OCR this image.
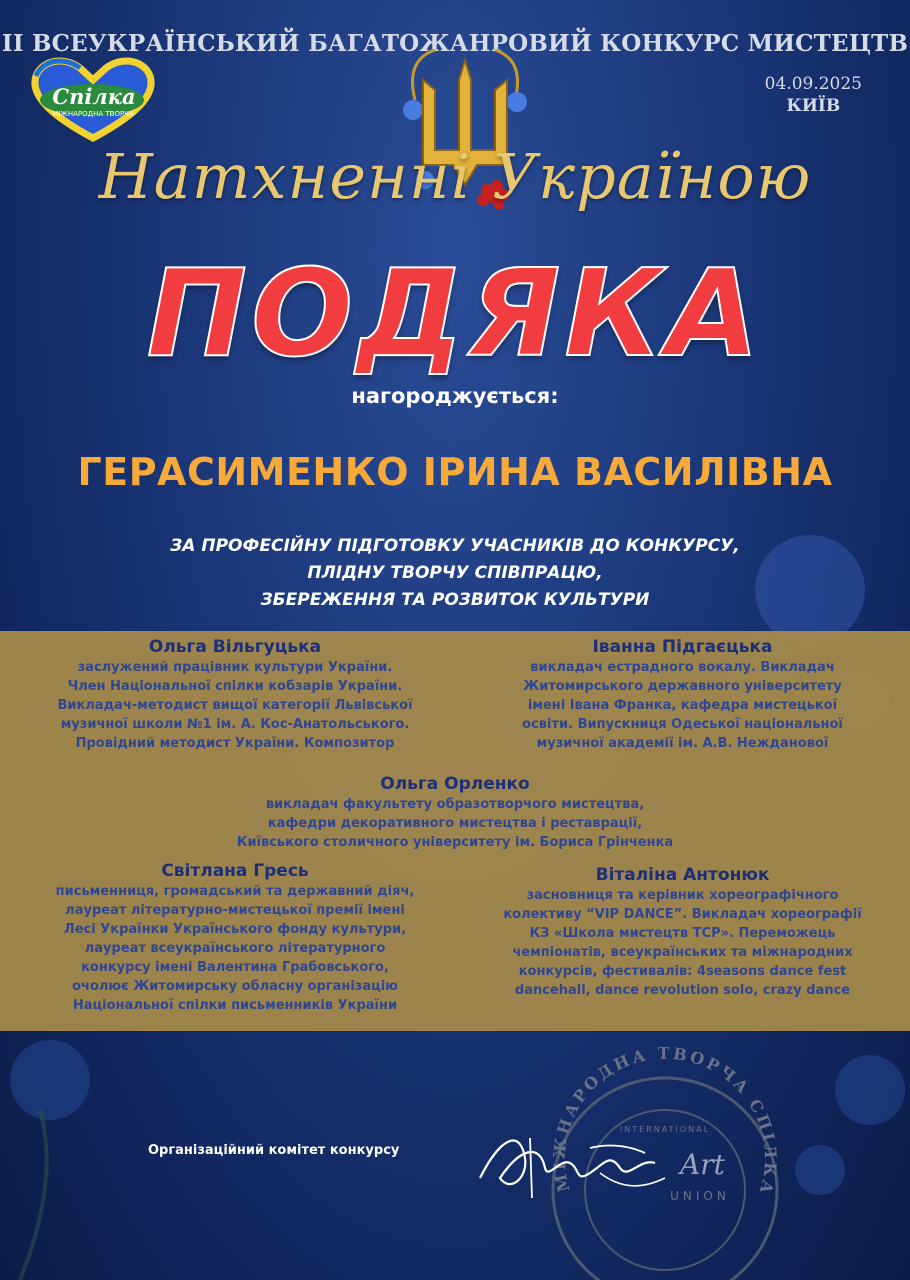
ІІ ВСЕУКРАЇНСЬКИЙ БАГАТОЖАНРОВИЙ КОНКУРС МИСТЕЦТВ
04.09.2025
КИЇВ
Спілка
МІЖНАРОДНА ТВОРЧА
Натхненні Україною
ПОДЯКА
нагороджується:
ГЕРАСИМЕНКО ІРИНА ВАСИЛІВНА
ЗА ПРОФЕСІЙНУ ПІДГОТОВКУ УЧАСНИКІВ ДО КОНКУРСУ,
ПЛІДНУ ТВОРЧУ СПІВПРАЦЮ,
ЗБЕРЕЖЕННЯ ТА РОЗВИТОК КУЛЬТУРИ
Ольга Вільгуцька
заслужений працівник культури України.
Член Національної спілки кобзарів України.
Викладач-методист вищої категорії Львівської
музичної школи №1 ім. А. Кос-Анатольського.
Провідний методист України. Композитор
Іванна Підгаєцька
викладач естрадного вокалу. Викладач
Житомирського державного університету
імені Івана Франка, кафедра мистецької
освіти. Випускниця Одеської національної
музичної академії ім. А.В. Нежданової
Ольга Орленко
викладач факультету образотворчого мистецтва,
кафедри декоративного мистецтва і реставрації,
Київського столичного університету ім. Бориса Грінченка
Світлана Гресь
письменниця, громадський та державний діяч,
лауреат літературно-мистецької премії імені
Лесі Українки Українського фонду культури,
лауреат всеукраїнського літературного
конкурсу імені Валентина Грабовського,
очолює Житомирську обласну організацію
Національної спілки письменників України
Віталіна Антонюк
засновниця та керівник хореографічного
колективу “VIP DANCE”. Викладач хореографії
КЗ «Школа мистецтв ТСР». Переможець
чемпіонатів, всеукраїнських та міжнародних
конкурсів, фестивалів: 4seasons dance fest
dancehall, dance revolution solo, crazy dance
Організаційний комітет конкурсу
МІЖНАРОДНА ТВОРЧА СПІЛКА
INTERNATIONAL
UNION
Art
